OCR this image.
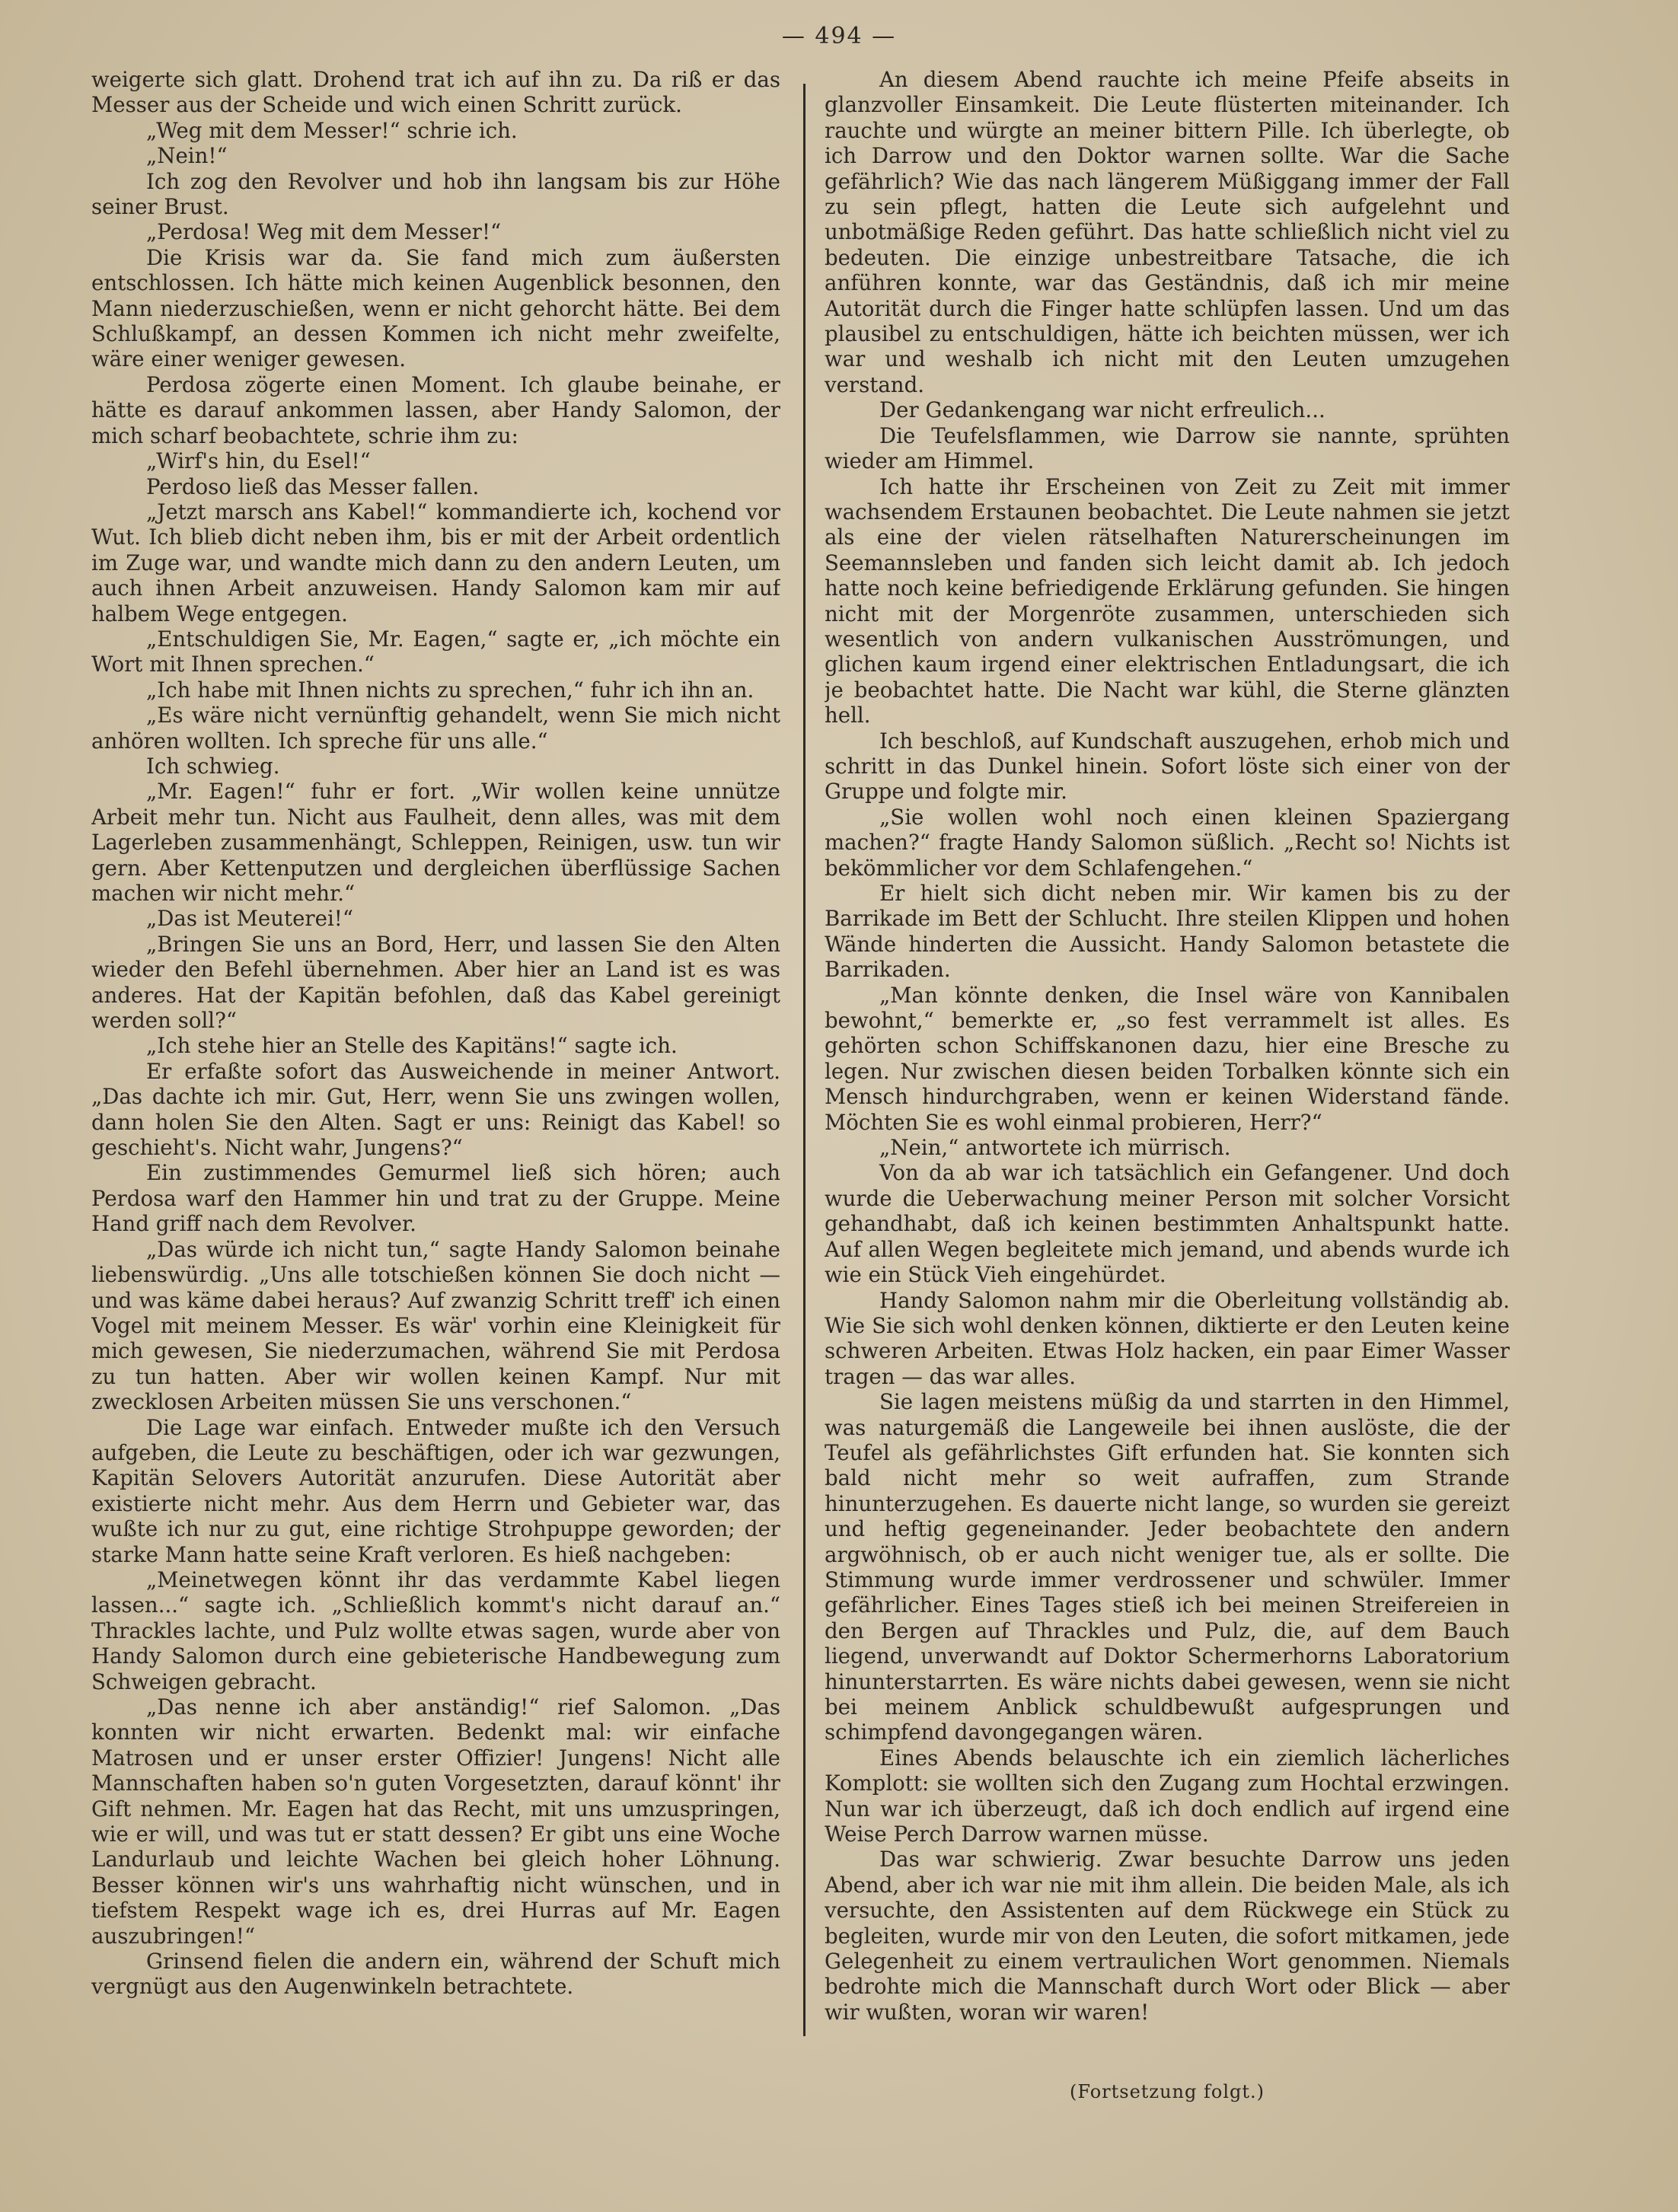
— 494 —

weigerte sich glatt. Drohend trat ich auf ihn zu. Da riß er das Messer aus der Scheide und wich einen Schritt zurück.

„Weg mit dem Messer!“ schrie ich.

„Nein!“

Ich zog den Revolver und hob ihn langsam bis zur Höhe seiner Brust.

„Perdosa! Weg mit dem Messer!“

Die Krisis war da. Sie fand mich zum äußersten entschlossen. Ich hätte mich keinen Augenblick besonnen, den Mann niederzuschießen, wenn er nicht gehorcht hätte. Bei dem Schlußkampf, an dessen Kommen ich nicht mehr zweifelte, wäre einer weniger gewesen.

Perdosa zögerte einen Moment. Ich glaube beinahe, er hätte es darauf ankommen lassen, aber Handy Salomon, der mich scharf beobachtete, schrie ihm zu:

„Wirf's hin, du Esel!“

Perdoso ließ das Messer fallen.

„Jetzt marsch ans Kabel!“ kommandierte ich, kochend vor Wut. Ich blieb dicht neben ihm, bis er mit der Arbeit ordentlich im Zuge war, und wandte mich dann zu den andern Leuten, um auch ihnen Arbeit anzuweisen. Handy Salomon kam mir auf halbem Wege entgegen.

„Entschuldigen Sie, Mr. Eagen,“ sagte er, „ich möchte ein Wort mit Ihnen sprechen.“

„Ich habe mit Ihnen nichts zu sprechen,“ fuhr ich ihn an.

„Es wäre nicht vernünftig gehandelt, wenn Sie mich nicht anhören wollten. Ich spreche für uns alle.“

Ich schwieg.

„Mr. Eagen!“ fuhr er fort. „Wir wollen keine unnütze Arbeit mehr tun. Nicht aus Faulheit, denn alles, was mit dem Lagerleben zusammenhängt, Schleppen, Reinigen, usw. tun wir gern. Aber Kettenputzen und dergleichen überflüssige Sachen machen wir nicht mehr.“

„Das ist Meuterei!“

„Bringen Sie uns an Bord, Herr, und lassen Sie den Alten wieder den Befehl übernehmen. Aber hier an Land ist es was anderes. Hat der Kapitän befohlen, daß das Kabel gereinigt werden soll?“

„Ich stehe hier an Stelle des Kapitäns!“ sagte ich.

Er erfaßte sofort das Ausweichende in meiner Antwort. „Das dachte ich mir. Gut, Herr, wenn Sie uns zwingen wollen, dann holen Sie den Alten. Sagt er uns: Reinigt das Kabel! so geschieht's. Nicht wahr, Jungens?“

Ein zustimmendes Gemurmel ließ sich hören; auch Perdosa warf den Hammer hin und trat zu der Gruppe. Meine Hand griff nach dem Revolver.

„Das würde ich nicht tun,“ sagte Handy Salomon beinahe liebenswürdig. „Uns alle totschießen können Sie doch nicht — und was käme dabei heraus? Auf zwanzig Schritt treff' ich einen Vogel mit meinem Messer. Es wär' vorhin eine Kleinigkeit für mich gewesen, Sie niederzumachen, während Sie mit Perdosa zu tun hatten. Aber wir wollen keinen Kampf. Nur mit zwecklosen Arbeiten müssen Sie uns verschonen.“

Die Lage war einfach. Entweder mußte ich den Versuch aufgeben, die Leute zu beschäftigen, oder ich war gezwungen, Kapitän Selovers Autorität anzurufen. Diese Autorität aber existierte nicht mehr. Aus dem Herrn und Gebieter war, das wußte ich nur zu gut, eine richtige Strohpuppe geworden; der starke Mann hatte seine Kraft verloren. Es hieß nachgeben:

„Meinetwegen könnt ihr das verdammte Kabel liegen lassen...“ sagte ich. „Schließlich kommt's nicht darauf an.“ Thrackles lachte, und Pulz wollte etwas sagen, wurde aber von Handy Salomon durch eine gebieterische Handbewegung zum Schweigen gebracht.

„Das nenne ich aber anständig!“ rief Salomon. „Das konnten wir nicht erwarten. Bedenkt mal: wir einfache Matrosen und er unser erster Offizier! Jungens! Nicht alle Mannschaften haben so'n guten Vorgesetzten, darauf könnt' ihr Gift nehmen. Mr. Eagen hat das Recht, mit uns umzuspringen, wie er will, und was tut er statt dessen? Er gibt uns eine Woche Landurlaub und leichte Wachen bei gleich hoher Löhnung. Besser können wir's uns wahrhaftig nicht wünschen, und in tiefstem Respekt wage ich es, drei Hurras auf Mr. Eagen auszubringen!“

Grinsend fielen die andern ein, während der Schuft mich vergnügt aus den Augenwinkeln betrachtete.

An diesem Abend rauchte ich meine Pfeife abseits in glanzvoller Einsamkeit. Die Leute flüsterten miteinander. Ich rauchte und würgte an meiner bittern Pille. Ich überlegte, ob ich Darrow und den Doktor warnen sollte. War die Sache gefährlich? Wie das nach längerem Müßiggang immer der Fall zu sein pflegt, hatten die Leute sich aufgelehnt und unbotmäßige Reden geführt. Das hatte schließlich nicht viel zu bedeuten. Die einzige unbestreitbare Tatsache, die ich anführen konnte, war das Geständnis, daß ich mir meine Autorität durch die Finger hatte schlüpfen lassen. Und um das plausibel zu entschuldigen, hätte ich beichten müssen, wer ich war und weshalb ich nicht mit den Leuten umzugehen verstand.

Der Gedankengang war nicht erfreulich...

Die Teufelsflammen, wie Darrow sie nannte, sprühten wieder am Himmel.

Ich hatte ihr Erscheinen von Zeit zu Zeit mit immer wachsendem Erstaunen beobachtet. Die Leute nahmen sie jetzt als eine der vielen rätselhaften Naturerscheinungen im Seemannsleben und fanden sich leicht damit ab. Ich jedoch hatte noch keine befriedigende Erklärung gefunden. Sie hingen nicht mit der Morgenröte zusammen, unterschieden sich wesentlich von andern vulkanischen Ausströmungen, und glichen kaum irgend einer elektrischen Entladungsart, die ich je beobachtet hatte. Die Nacht war kühl, die Sterne glänzten hell.

Ich beschloß, auf Kundschaft auszugehen, erhob mich und schritt in das Dunkel hinein. Sofort löste sich einer von der Gruppe und folgte mir.

„Sie wollen wohl noch einen kleinen Spaziergang machen?“ fragte Handy Salomon süßlich. „Recht so! Nichts ist bekömmlicher vor dem Schlafengehen.“

Er hielt sich dicht neben mir. Wir kamen bis zu der Barrikade im Bett der Schlucht. Ihre steilen Klippen und hohen Wände hinderten die Aussicht. Handy Salomon betastete die Barrikaden.

„Man könnte denken, die Insel wäre von Kannibalen bewohnt,“ bemerkte er, „so fest verrammelt ist alles. Es gehörten schon Schiffskanonen dazu, hier eine Bresche zu legen. Nur zwischen diesen beiden Torbalken könnte sich ein Mensch hindurchgraben, wenn er keinen Widerstand fände. Möchten Sie es wohl einmal probieren, Herr?“

„Nein,“ antwortete ich mürrisch.

Von da ab war ich tatsächlich ein Gefangener. Und doch wurde die Ueberwachung meiner Person mit solcher Vorsicht gehandhabt, daß ich keinen bestimmten Anhaltspunkt hatte. Auf allen Wegen begleitete mich jemand, und abends wurde ich wie ein Stück Vieh eingehürdet.

Handy Salomon nahm mir die Oberleitung vollständig ab. Wie Sie sich wohl denken können, diktierte er den Leuten keine schweren Arbeiten. Etwas Holz hacken, ein paar Eimer Wasser tragen — das war alles.

Sie lagen meistens müßig da und starrten in den Himmel, was naturgemäß die Langeweile bei ihnen auslöste, die der Teufel als gefährlichstes Gift erfunden hat. Sie konnten sich bald nicht mehr so weit aufraffen, zum Strande hinunterzugehen. Es dauerte nicht lange, so wurden sie gereizt und heftig gegeneinander. Jeder beobachtete den andern argwöhnisch, ob er auch nicht weniger tue, als er sollte. Die Stimmung wurde immer verdrossener und schwüler. Immer gefährlicher. Eines Tages stieß ich bei meinen Streifereien in den Bergen auf Thrackles und Pulz, die, auf dem Bauch liegend, unverwandt auf Doktor Schermerhorns Laboratorium hinunterstarrten. Es wäre nichts dabei gewesen, wenn sie nicht bei meinem Anblick schuldbewußt aufgesprungen und schimpfend davongegangen wären.

Eines Abends belauschte ich ein ziemlich lächerliches Komplott: sie wollten sich den Zugang zum Hochtal erzwingen. Nun war ich überzeugt, daß ich doch endlich auf irgend eine Weise Perch Darrow warnen müsse.

Das war schwierig. Zwar besuchte Darrow uns jeden Abend, aber ich war nie mit ihm allein. Die beiden Male, als ich versuchte, den Assistenten auf dem Rückwege ein Stück zu begleiten, wurde mir von den Leuten, die sofort mitkamen, jede Gelegenheit zu einem vertraulichen Wort genommen. Niemals bedrohte mich die Mannschaft durch Wort oder Blick — aber wir wußten, woran wir waren!

(Fortsetzung folgt.)
